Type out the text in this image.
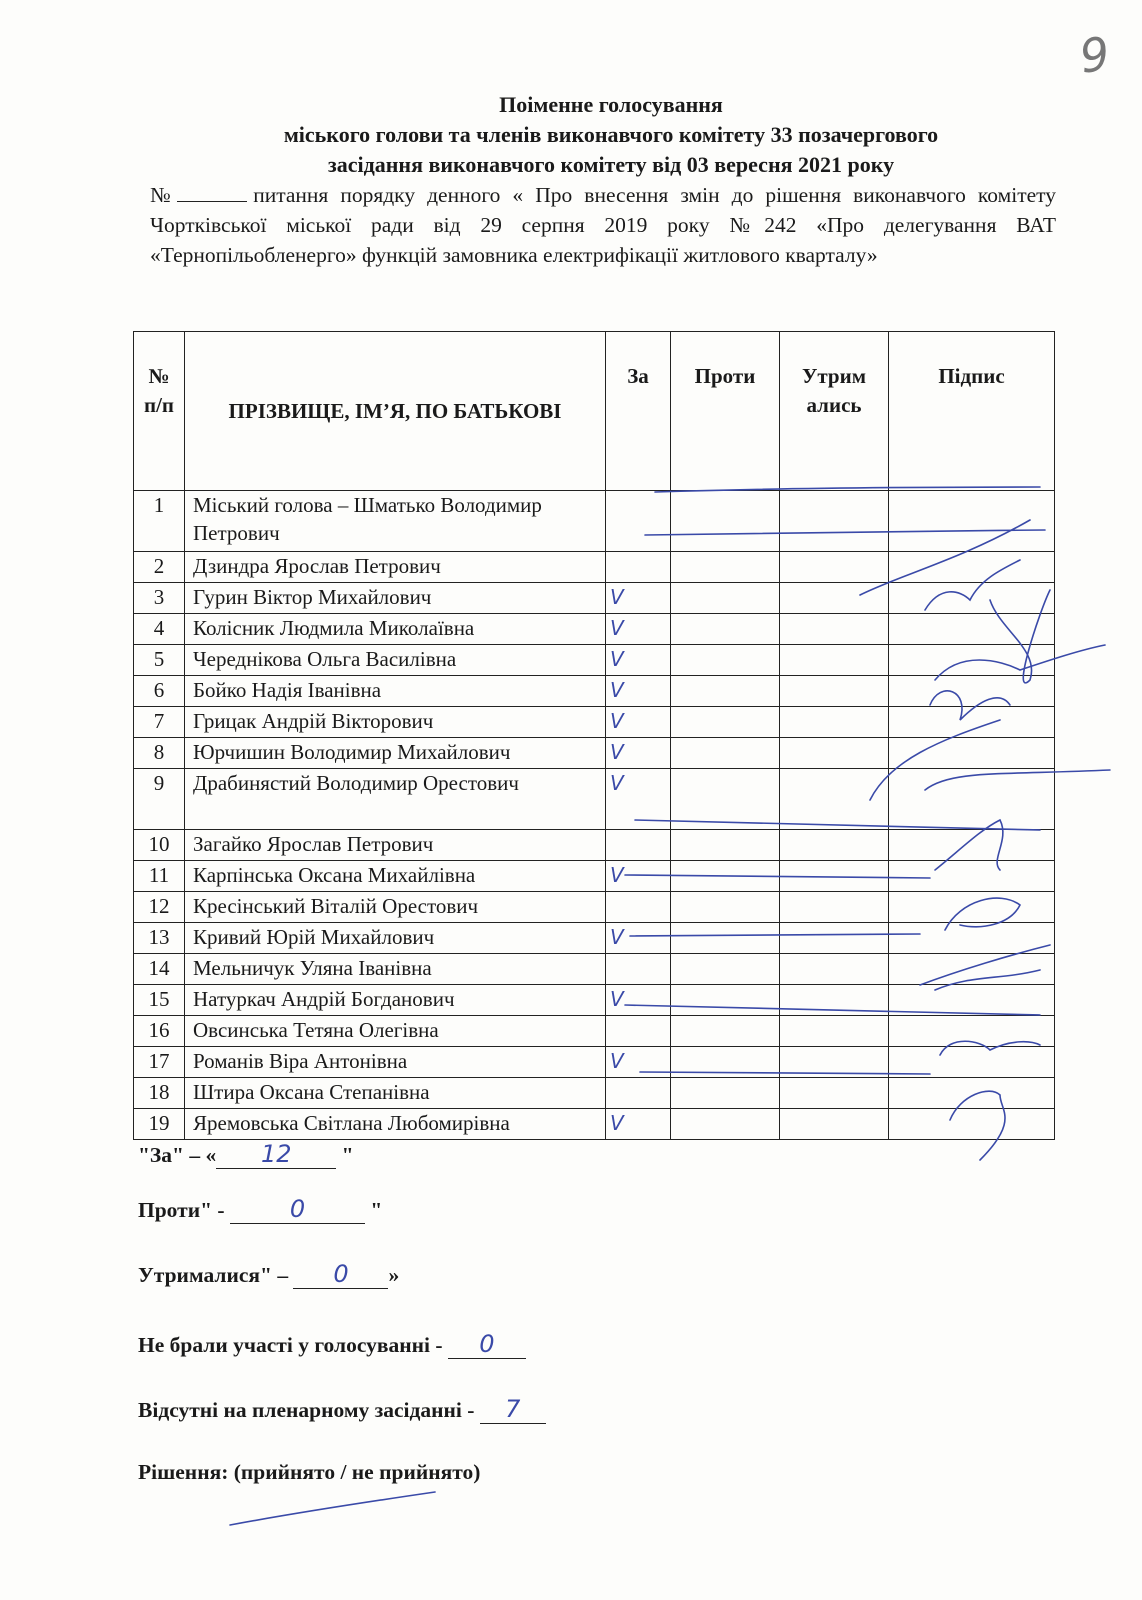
9
Поіменне голосування
міського голови та членів виконавчого комітету 33 позачергового
засідання виконавчого комітету від 03 вересня 2021 року
№	питання порядку денного « Про внесення змін до рішення виконавчого комітету Чортківської міської ради від 29 серпня 2019 року №242 «Про делегування ВАТ «Тернопільобленерго» функцій замовника електрифікації житлового кварталу»
№ п/п	ПРІЗВИЩЕ, ІМ’Я, ПО БАТЬКОВІ	За	Проти	Утрим ались	Підпис
1	Міський голова – Шматько Володимир Петрович				
2	Дзиндра Ярослав Петрович				
3	Гурин Віктор Михайлович	V			
4	Колісник Людмила Миколаївна	V			
5	Череднікова Ольга Василівна	V			
6	Бойко Надія Іванівна	V			
7	Грицак Андрій Вікторович	V			
8	Юрчишин Володимир Михайлович	V			
9	Драбинястий Володимир Орестович	V			
10	Загайко Ярослав Петрович				
11	Карпінська Оксана Михайлівна	V			
12	Кресінський Віталій Орестович				
13	Кривий Юрій Михайлович	V			
14	Мельничук Уляна Іванівна				
15	Натуркач Андрій Богданович	V			
16	Овсинська Тетяна Олегівна				
17	Романів Віра Антонівна	V			
18	Штира Оксана Степанівна				
19	Яремовська Світлана Любомирівна	V			
"За" – « 12 "
Проти" - 0	"
Утрималися" – 0 »
Не брали участі у голосуванні - 0
Відсутні на пленарному засіданні - 7
Рішення: (прийнято / не прийнято)
